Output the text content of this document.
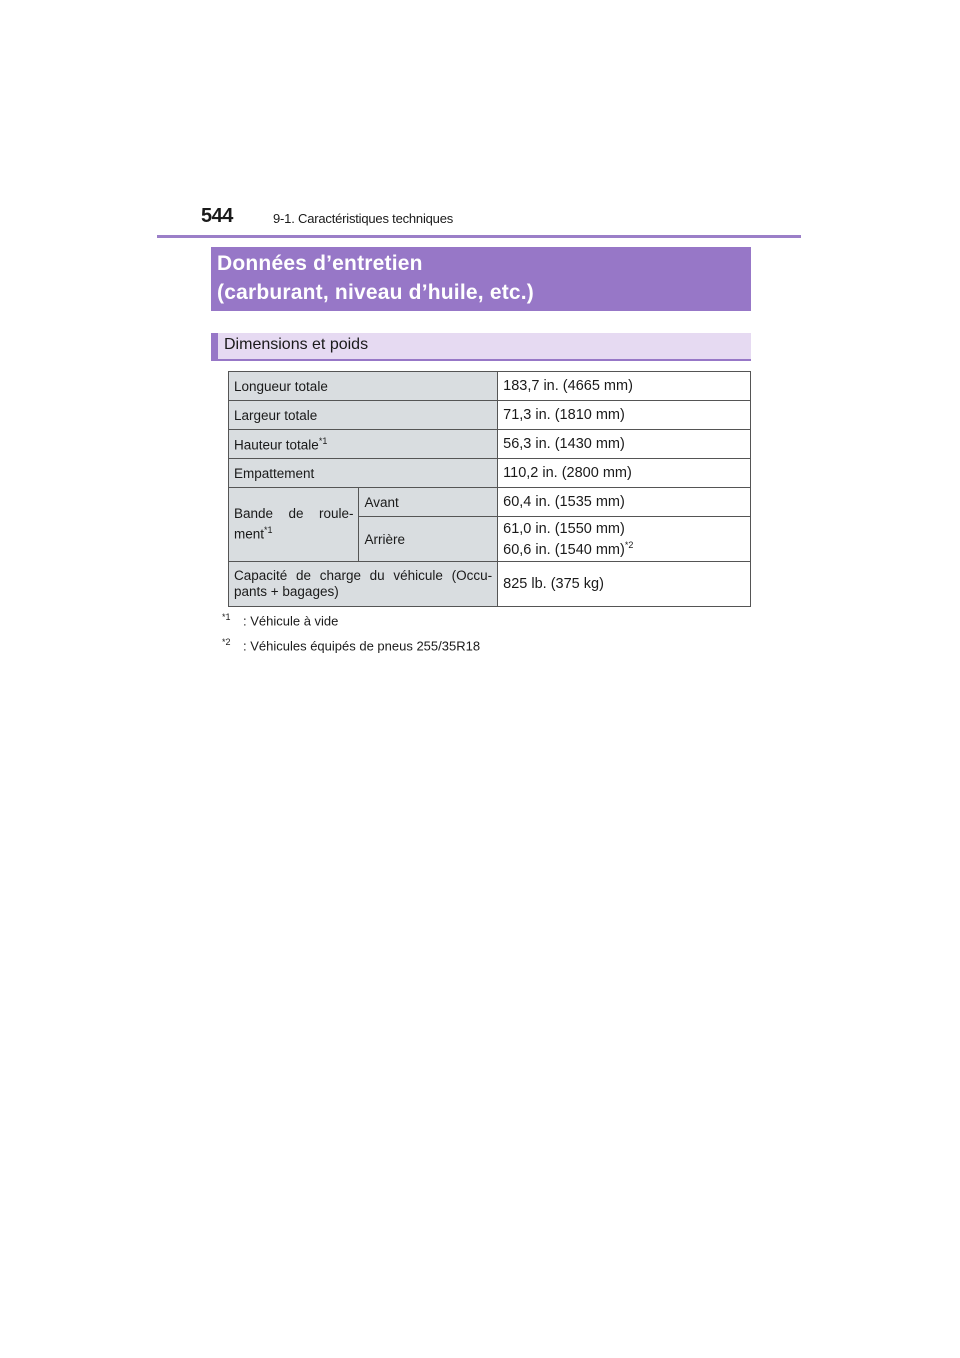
544	9-1. Caractéristiques techniques
Données d’entretien
(carburant, niveau d’huile, etc.)
Dimensions et poids
Longueur totale		183,7 in. (4665 mm)
Largeur totale		71,3 in. (1810 mm)
Hauteur totale$^{*1}$		56,3 in. (1430 mm)
Empattement		110,2 in. (2800 mm)

Bande de roule-ment$^{*1}$	Avant	60,4 in. (1535 mm)
	Arrière	61,0 in. (1550 mm)
60,6 in. (1540 mm)$^{*2}$

Capacité de charge du véhicule (Occu-pants + bagages)		825 lb. (375 kg)
$^{*1}$ : Véhicule à vide
$^{*2}$ : Véhicules équipés de pneus 255/35R18
